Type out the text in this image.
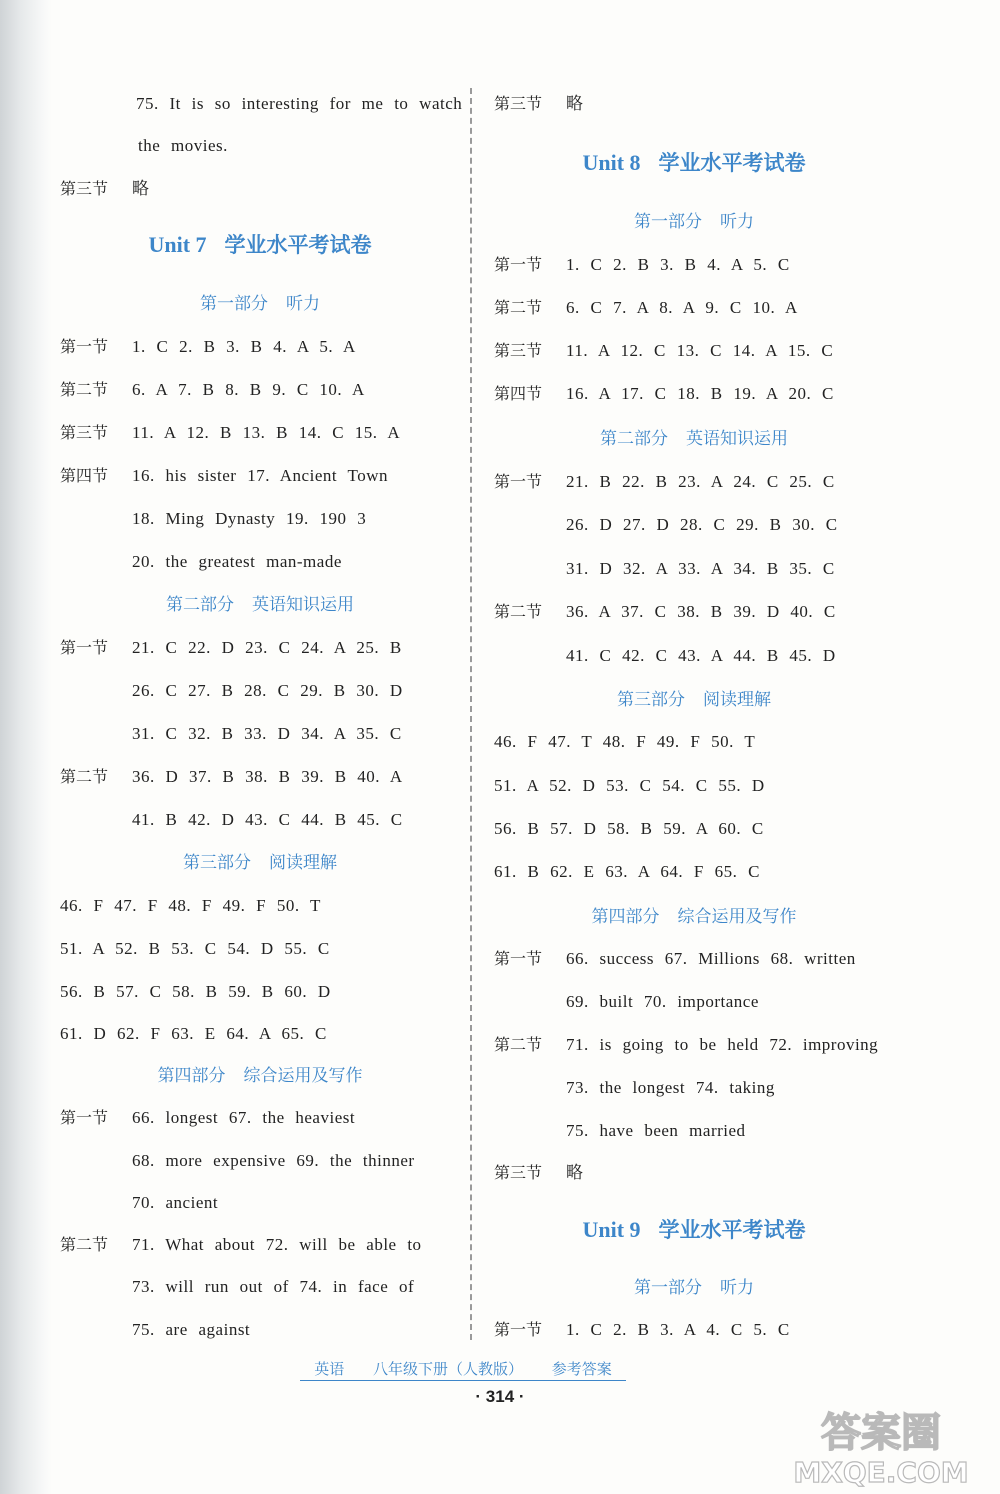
75. It is so interesting for me to watch
the movies.
第三节 略
Unit 7 学业水平考试卷
第一部分 听力
第一节 1. C 2. B 3. B 4. A 5. A
第二节 6. A 7. B 8. B 9. C 10. A
第三节 11. A 12. B 13. B 14. C 15. A
第四节 16. his sister 17. Ancient Town
18. Ming Dynasty 19. 190 3
20. the greatest man-made
第二部分 英语知识运用
第一节 21. C 22. D 23. C 24. A 25. B
26. C 27. B 28. C 29. B 30. D
31. C 32. B 33. D 34. A 35. C
第二节 36. D 37. B 38. B 39. B 40. A
41. B 42. D 43. C 44. B 45. C
第三部分 阅读理解
46. F 47. F 48. F 49. F 50. T
51. A 52. B 53. C 54. D 55. C
56. B 57. C 58. B 59. B 60. D
61. D 62. F 63. E 64. A 65. C
第四部分 综合运用及写作
第一节 66. longest 67. the heaviest
68. more expensive 69. the thinner
70. ancient
第二节 71. What about 72. will be able to
73. will run out of 74. in face of
75. are against
第三节 略
Unit 8 学业水平考试卷
第一部分 听力
第一节 1. C 2. B 3. B 4. A 5. C
第二节 6. C 7. A 8. A 9. C 10. A
第三节 11. A 12. C 13. C 14. A 15. C
第四节 16. A 17. C 18. B 19. A 20. C
第二部分 英语知识运用
第一节 21. B 22. B 23. A 24. C 25. C
26. D 27. D 28. C 29. B 30. C
31. D 32. A 33. A 34. B 35. C
第二节 36. A 37. C 38. B 39. D 40. C
41. C 42. C 43. A 44. B 45. D
第三部分 阅读理解
46. F 47. T 48. F 49. F 50. T
51. A 52. D 53. C 54. C 55. D
56. B 57. D 58. B 59. A 60. C
61. B 62. E 63. A 64. F 65. C
第四部分 综合运用及写作
第一节 66. success 67. Millions 68. written
69. built 70. importance
第二节 71. is going to be held 72. improving
73. the longest 74. taking
75. have been married
第三节 略
Unit 9 学业水平考试卷
第一部分 听力
第一节 1. C 2. B 3. A 4. C 5. C
英语 八年级下册（人教版） 参考答案
· 314 ·
答案圈
MXQE.COM
